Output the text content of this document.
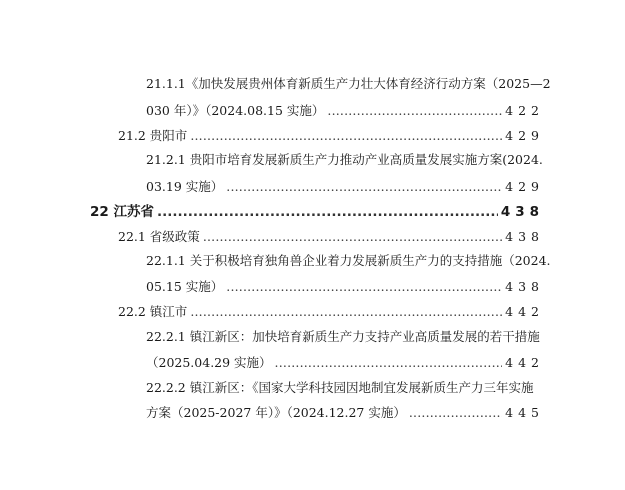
21.1.1《加快发展贵州体育新质生产力壮大体育经济行动方案（2025—2
030 年）》（2024.08.15 实施） .....	422
21.2 贵阳市 .....	429
21.2.1 贵阳市培育发展新质生产力推动产业高质量发展实施方案(2024.
03.19 实施） .....	429
22 江苏省 .....	438
22.1 省级政策 .....	438
22.1.1 关于积极培育独角兽企业着力发展新质生产力的支持措施（2024.
05.15 实施） .....	438
22.2 镇江市 .....	442
22.2.1 镇江新区：加快培育新质生产力支持产业高质量发展的若干措施
（2025.04.29 实施） .....	442
22.2.2 镇江新区：《国家大学科技园因地制宜发展新质生产力三年实施
方案（2025-2027 年）》（2024.12.27 实施） .....	445
